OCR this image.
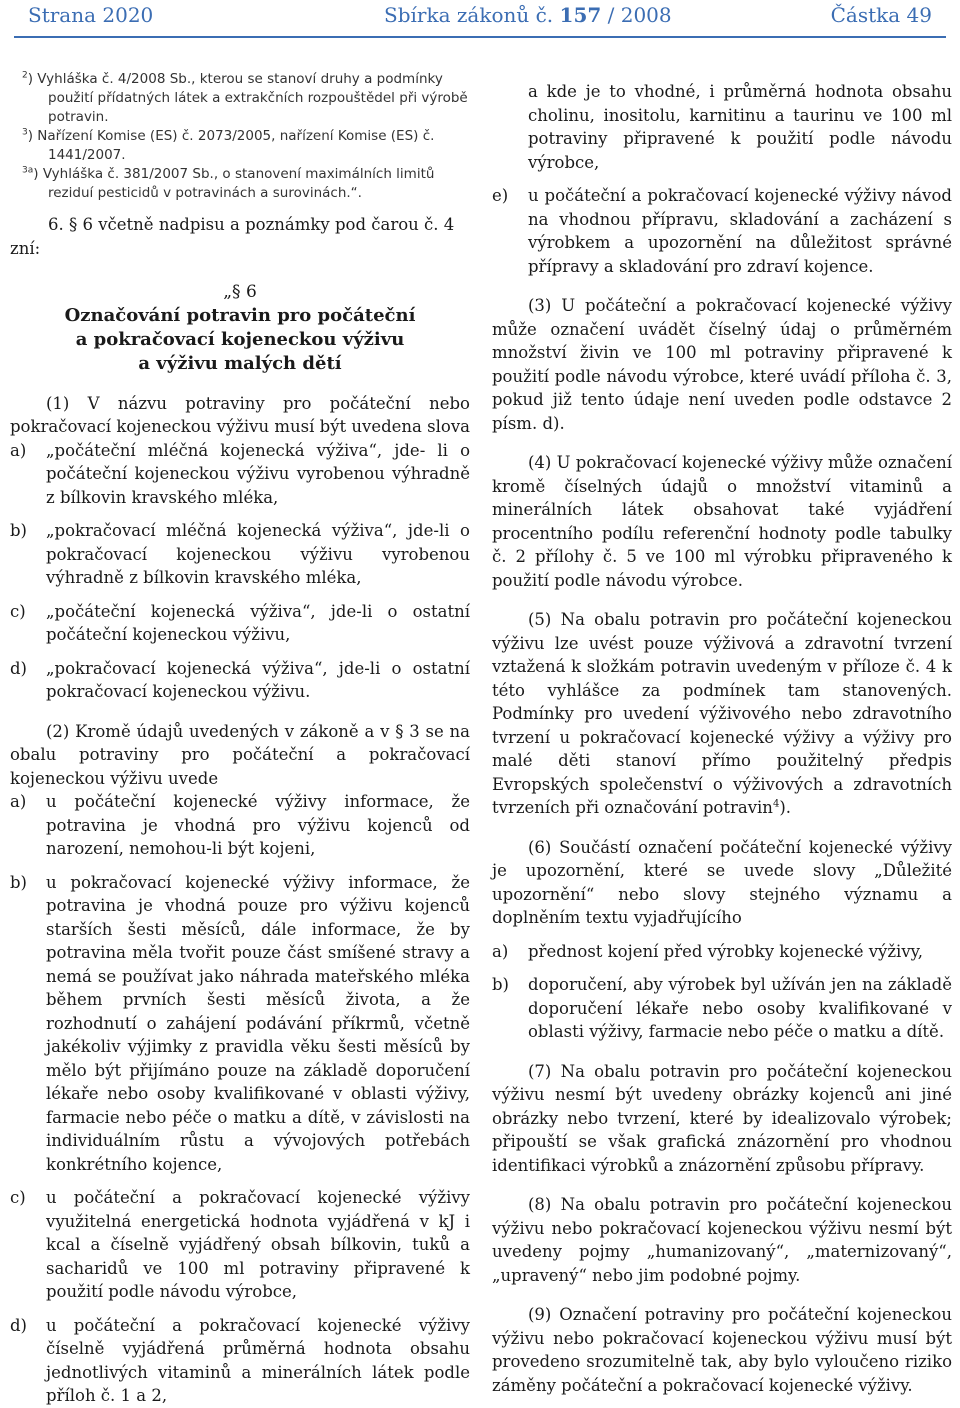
Strana 2020	Sbírka zákonů č. 157 / 2008	Částka 49

$^2$) Vyhláška č. 4/2008 Sb., kterou se stanoví druhy a podmínky použití přídatných látek a extrakčních rozpouštědel při výrobě potravin.

$^3$) Nařízení Komise (ES) č. 2073/2005, nařízení Komise (ES) č. 1441/2007.

$^{3a}$) Vyhláška č. 381/2007 Sb., o stanovení maximálních limitů reziduí pesticidů v potravinách a surovinách.“.

6. § 6 včetně nadpisu a poznámky pod čarou č. 4
zní:
„§ 6
Označování potravin pro počáteční
a pokračovací kojeneckou výživu
a výživu malých dětí

(1) V názvu potraviny pro počáteční nebo pokračovací kojeneckou výživu musí být uvedena slova

a)	„počáteční mléčná kojenecká výživa“, jde- li o počáteční kojeneckou výživu vyrobenou výhradně z bílkovin kravského mléka,
b)	„pokračovací mléčná kojenecká výživa“, jde-li o pokračovací kojeneckou výživu vyrobenou výhradně z bílkovin kravského mléka,
c)	„počáteční kojenecká výživa“, jde-li o ostatní počáteční kojeneckou výživu,
d)	„pokračovací kojenecká výživa“, jde-li o ostatní pokračovací kojeneckou výživu.

(2) Kromě údajů uvedených v zákoně a v § 3 se na obalu potraviny pro počáteční a pokračovací kojeneckou výživu uvede

a)	u počáteční kojenecké výživy informace, že potravina je vhodná pro výživu kojenců od narození, nemohou-li být kojeni,
b)	u pokračovací kojenecké výživy informace, že potravina je vhodná pouze pro výživu kojenců starších šesti měsíců, dále informace, že by potravina měla tvořit pouze část smíšené stravy a nemá se používat jako náhrada mateřského mléka během prvních šesti měsíců života, a že rozhodnutí o zahájení podávání příkrmů, včetně jakékoliv výjimky z pravidla věku šesti měsíců by mělo být přijímáno pouze na základě doporučení lékaře nebo osoby kvalifikované v oblasti výživy, farmacie nebo péče o matku a dítě, v závislosti na individuálním růstu a vývojových potřebách konkrétního kojence,
c)	u počáteční a pokračovací kojenecké výživy využitelná energetická hodnota vyjádřená v kJ i kcal a číselně vyjádřený obsah bílkovin, tuků a sacharidů ve 100 ml potraviny připravené k použití podle návodu výrobce,
d)	u počáteční a pokračovací kojenecké výživy číselně vyjádřená průměrná hodnota obsahu jednotlivých vitaminů a minerálních látek podle příloh č. 1 a 2,

a kde je to vhodné, i průměrná hodnota obsahu cholinu, inositolu, karnitinu a taurinu ve 100 ml potraviny připravené k použití podle návodu výrobce,

e)	u počáteční a pokračovací kojenecké výživy návod na vhodnou přípravu, skladování a zacházení s výrobkem a upozornění na důležitost správné přípravy a skladování pro zdraví kojence.

(3) U počáteční a pokračovací kojenecké výživy může označení uvádět číselný údaj o průměrném množství živin ve 100 ml potraviny připravené k použití podle návodu výrobce, které uvádí příloha č. 3, pokud již tento údaje není uveden podle odstavce 2 písm. d).

(4) U pokračovací kojenecké výživy může označení kromě číselných údajů o množství vitaminů a minerálních látek obsahovat také vyjádření procentního podílu referenční hodnoty podle tabulky č. 2 přílohy č. 5 ve 100 ml výrobku připraveného k použití podle návodu výrobce.

(5) Na obalu potravin pro počáteční kojeneckou výživu lze uvést pouze výživová a zdravotní tvrzení vztažená k složkám potravin uvedeným v příloze č. 4 k této vyhlášce za podmínek tam stanovených. Podmínky pro uvedení výživového nebo zdravotního tvrzení u pokračovací kojenecké výživy a výživy pro malé děti stanoví přímo použitelný předpis Evropských společenství o výživových a zdravotních tvrzeních při označování potravin$^4$).

(6) Součástí označení počáteční kojenecké výživy je upozornění, které se uvede slovy „Důležité upozornění“ nebo slovy stejného významu a doplněním textu vyjadřujícího

a)	přednost kojení před výrobky kojenecké výživy,
b)	doporučení, aby výrobek byl užíván jen na základě doporučení lékaře nebo osoby kvalifikované v oblasti výživy, farmacie nebo péče o matku a dítě.

(7) Na obalu potravin pro počáteční kojeneckou výživu nesmí být uvedeny obrázky kojenců ani jiné obrázky nebo tvrzení, které by idealizovalo výrobek; připouští se však grafická znázornění pro vhodnou identifikaci výrobků a znázornění způsobu přípravy.

(8) Na obalu potravin pro počáteční kojeneckou výživu nebo pokračovací kojeneckou výživu nesmí být uvedeny pojmy „humanizovaný“, „maternizovaný“, „upravený“ nebo jim podobné pojmy.

(9) Označení potraviny pro počáteční kojeneckou výživu nebo pokračovací kojeneckou výživu musí být provedeno srozumitelně tak, aby bylo vyloučeno riziko záměny počáteční a pokračovací kojenecké výživy.
